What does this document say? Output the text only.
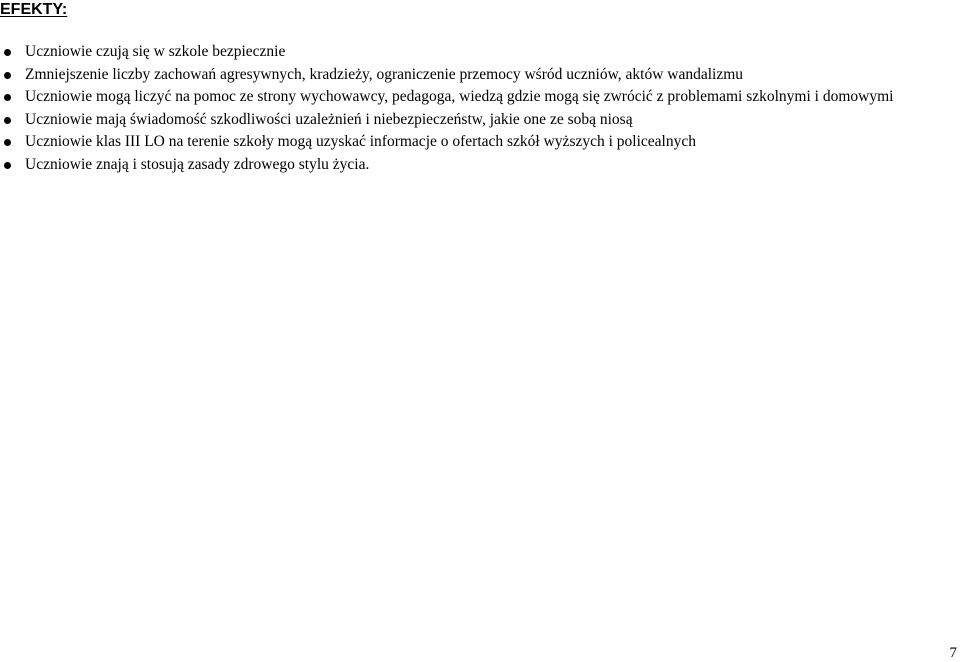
EFEKTY:
Uczniowie czują się w szkole bezpiecznie
Zmniejszenie liczby zachowań agresywnych, kradzieży, ograniczenie przemocy wśród uczniów, aktów wandalizmu
Uczniowie mogą liczyć na pomoc ze strony wychowawcy, pedagoga, wiedzą gdzie mogą się zwrócić z problemami szkolnymi i domowymi
Uczniowie mają świadomość szkodliwości uzależnień i niebezpieczeństw, jakie one ze sobą niosą
Uczniowie klas III LO na terenie szkoły mogą uzyskać informacje o ofertach szkół wyższych i policealnych
Uczniowie znają i stosują zasady zdrowego stylu życia.
7
